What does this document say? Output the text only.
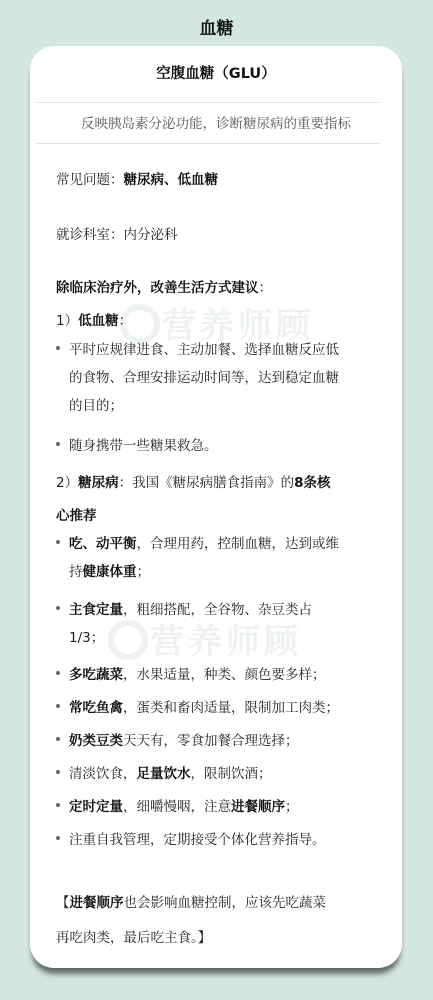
血糖
营养师顾
营养师顾
空腹血糖（GLU）
反映胰岛素分泌功能，诊断糖尿病的重要指标
常见问题：糖尿病、低血糖
就诊科室：内分泌科
除临床治疗外，改善生活方式建议：
1）低血糖：
平时应规律进食、主动加餐、选择血糖反应低
的食物、合理安排运动时间等，达到稳定血糖
的目的；
随身携带一些糖果救急。
2）糖尿病：我国《糖尿病膳食指南》的8条核
心推荐
吃、动平衡，合理用药，控制血糖，达到或维
持健康体重；
主食定量，粗细搭配，全谷物、杂豆类占
1/3；
多吃蔬菜，水果适量，种类、颜色要多样；
常吃鱼禽，蛋类和畜肉适量，限制加工肉类；
奶类豆类天天有，零食加餐合理选择；
清淡饮食，足量饮水，限制饮酒；
定时定量，细嚼慢咽，注意进餐顺序；
注重自我管理，定期接受个体化营养指导。
【进餐顺序也会影响血糖控制，应该先吃蔬菜
再吃肉类，最后吃主食。】
